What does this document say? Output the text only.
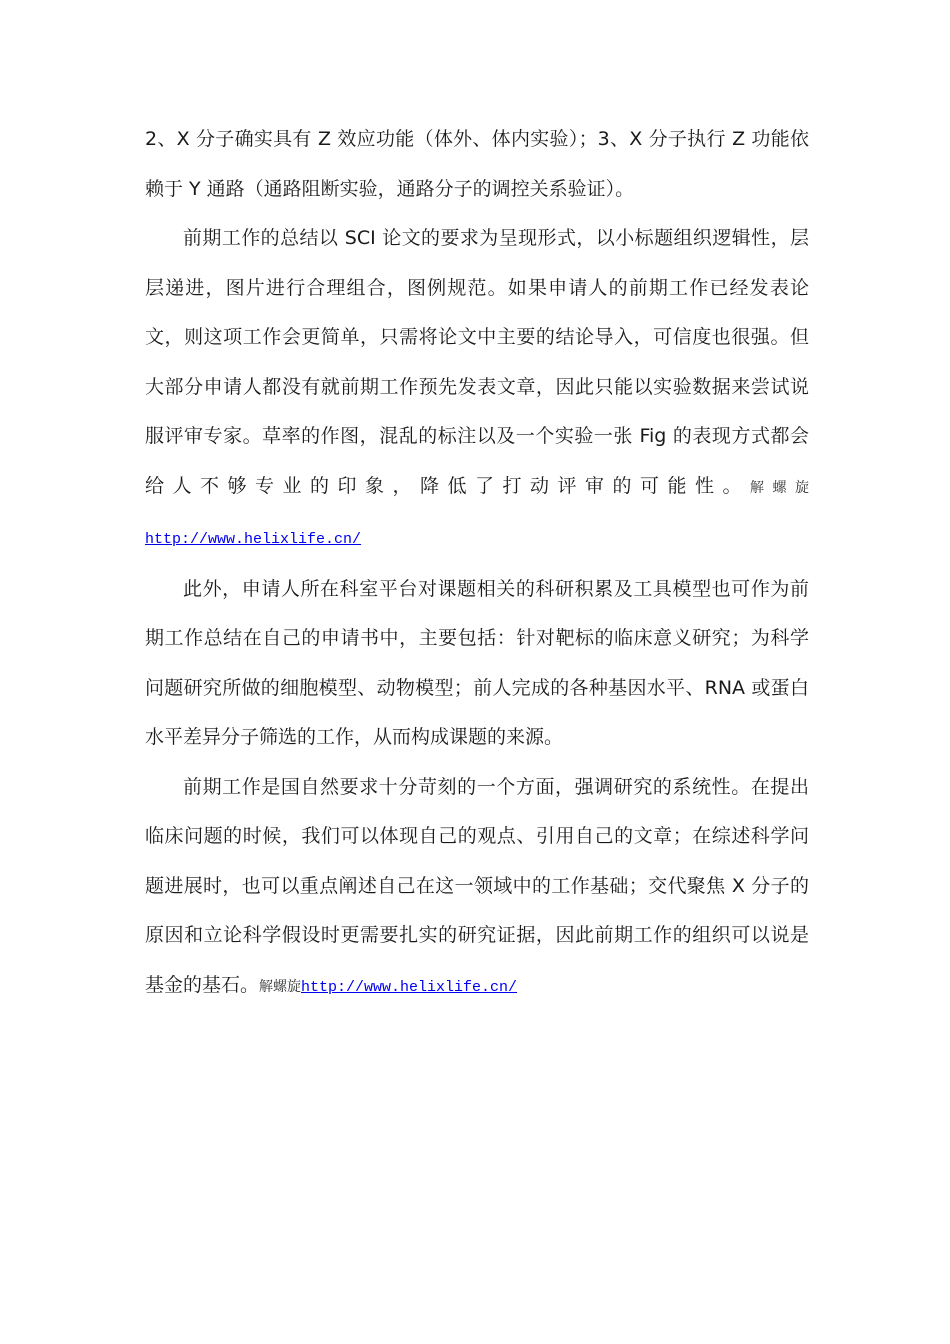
2、X 分子确实具有 Z 效应功能（体外、体内实验）；3、X 分子执行 Z 功能依赖于 Y 通路（通路阻断实验，通路分子的调控关系验证）。

前期工作的总结以 SCI 论文的要求为呈现形式，以小标题组织逻辑性，层层递进，图片进行合理组合，图例规范。如果申请人的前期工作已经发表论文，则这项工作会更简单，只需将论文中主要的结论导入，可信度也很强。但大部分申请人都没有就前期工作预先发表文章，因此只能以实验数据来尝试说服评审专家。草率的作图，混乱的标注以及一个实验一张 Fig 的表现方式都会给人不够专业的印象，降低了打动评审的可能性。解螺旋http://www.helixlife.cn/

此外，申请人所在科室平台对课题相关的科研积累及工具模型也可作为前期工作总结在自己的申请书中，主要包括：针对靶标的临床意义研究；为科学问题研究所做的细胞模型、动物模型；前人完成的各种基因水平、RNA 或蛋白水平差异分子筛选的工作，从而构成课题的来源。

前期工作是国自然要求十分苛刻的一个方面，强调研究的系统性。在提出临床问题的时候，我们可以体现自己的观点、引用自己的文章；在综述科学问题进展时，也可以重点阐述自己在这一领域中的工作基础；交代聚焦 X 分子的原因和立论科学假设时更需要扎实的研究证据，因此前期工作的组织可以说是基金的基石。解螺旋http://www.helixlife.cn/
